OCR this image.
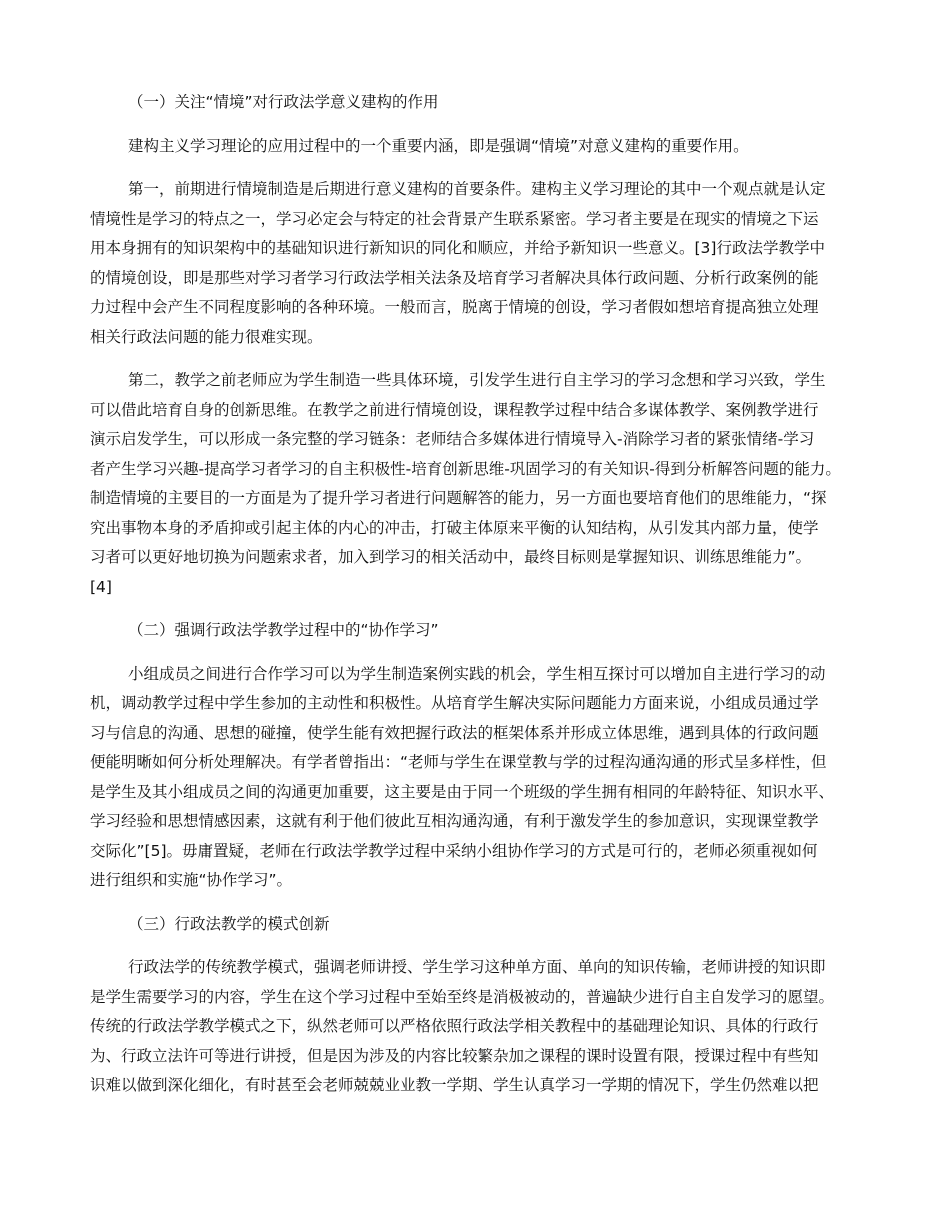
（一）关注“情境”对行政法学意义建构的作用
建构主义学习理论的应用过程中的一个重要内涵，即是强调“情境”对意义建构的重要作用。
第一，前期进行情境制造是后期进行意义建构的首要条件。建构主义学习理论的其中一个观点就是认定
情境性是学习的特点之一，学习必定会与特定的社会背景产生联系紧密。学习者主要是在现实的情境之下运
用本身拥有的知识架构中的基础知识进行新知识的同化和顺应，并给予新知识一些意义。[3]行政法学教学中
的情境创设，即是那些对学习者学习行政法学相关法条及培育学习者解决具体行政问题、分析行政案例的能
力过程中会产生不同程度影响的各种环境。一般而言，脱离于情境的创设，学习者假如想培育提高独立处理
相关行政法问题的能力很难实现。
第二，教学之前老师应为学生制造一些具体环境，引发学生进行自主学习的学习念想和学习兴致，学生
可以借此培育自身的创新思维。在教学之前进行情境创设，课程教学过程中结合多谋体教学、案例教学进行
演示启发学生，可以形成一条完整的学习链条：老师结合多媒体进行情境导入-消除学习者的紧张情绪-学习
者产生学习兴趣-提高学习者学习的自主积极性-培育创新思维-巩固学习的有关知识-得到分析解答问题的能力。
制造情境的主要目的一方面是为了提升学习者进行问题解答的能力，另一方面也要培育他们的思维能力，“探
究出事物本身的矛盾抑或引起主体的内心的冲击，打破主体原来平衡的认知结构，从引发其内部力量，使学
习者可以更好地切换为问题索求者，加入到学习的相关活动中，最终目标则是掌握知识、训练思维能力”。
[4]
（二）强调行政法学教学过程中的“协作学习”
小组成员之间进行合作学习可以为学生制造案例实践的机会，学生相互探讨可以增加自主进行学习的动
机，调动教学过程中学生参加的主动性和积极性。从培育学生解决实际问题能力方面来说，小组成员通过学
习与信息的沟通、思想的碰撞，使学生能有效把握行政法的框架体系并形成立体思维，遇到具体的行政问题
便能明晰如何分析处理解决。有学者曾指出：“老师与学生在课堂教与学的过程沟通沟通的形式呈多样性，但
是学生及其小组成员之间的沟通更加重要，这主要是由于同一个班级的学生拥有相同的年龄特征、知识水平、
学习经验和思想情感因素，这就有利于他们彼此互相沟通沟通，有利于激发学生的参加意识，实现课堂教学
交际化”[5]。毋庸置疑，老师在行政法学教学过程中采纳小组协作学习的方式是可行的，老师必须重视如何
进行组织和实施“协作学习”。
（三）行政法教学的模式创新
行政法学的传统教学模式，强调老师讲授、学生学习这种单方面、单向的知识传输，老师讲授的知识即
是学生需要学习的内容，学生在这个学习过程中至始至终是消极被动的，普遍缺少进行自主自发学习的愿望。
传统的行政法学教学模式之下，纵然老师可以严格依照行政法学相关教程中的基础理论知识、具体的行政行
为、行政立法许可等进行讲授，但是因为涉及的内容比较繁杂加之课程的课时设置有限，授课过程中有些知
识难以做到深化细化，有时甚至会老师兢兢业业教一学期、学生认真学习一学期的情况下，学生仍然难以把
